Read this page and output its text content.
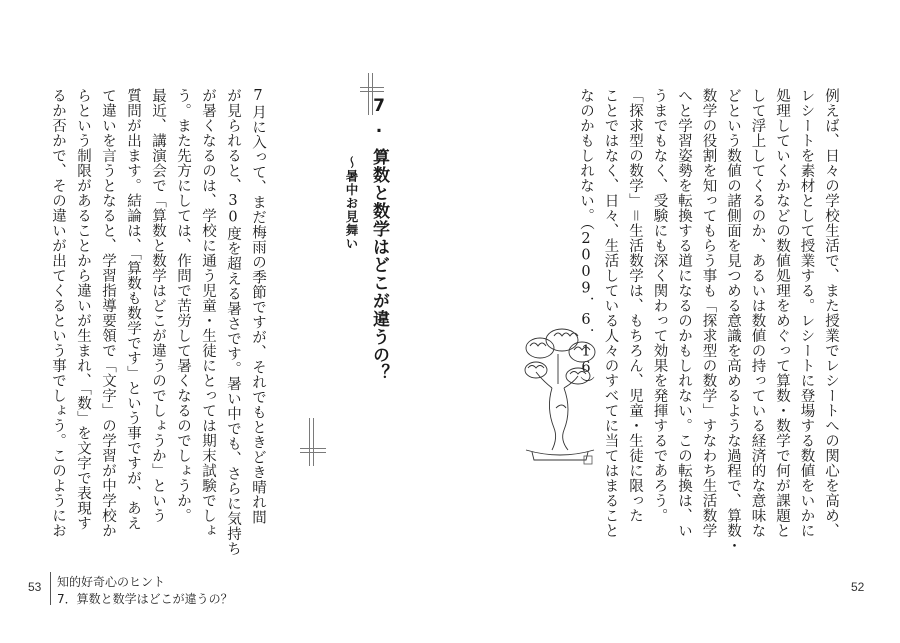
例えば、日々の学校生活で、また授業でレシートへの関心を高め、
レシートを素材として授業する。レシートに登場する数値をいかに
処理していくかなどの数値処理をめぐって算数・数学で何が課題と
して浮上してくるのか、あるいは数値の持っている経済的な意味な
どという数値の諸側面を見つめる意識を高めるような過程で、算数・
数学の役割を知ってもらう事も「探求型の数学」すなわち生活数学
へと学習姿勢を転換する道になるのかもしれない。この転換は、い
うまでもなく、受験にも深く関わって効果を発揮するであろう。
「探求型の数学」＝生活数学は、もちろん、児童・生徒に限った
ことではなく、日々、生活している人々のすべてに当てはまること
なのかもしれない。（2009．6．16）
7.算数と数学はどこが違うの？
～暑中お見舞い
7月に入って、まだ梅雨の季節ですが、それでもときどき晴れ間
が見られると、30度を超える暑さです。暑い中でも、さらに気持ち
が暑くなるのは、学校に通う児童・生徒にとっては期末試験でしょ
う。また先方にしては、作問で苦労して暑くなるのでしょうか。
最近、講演会で「算数と数学はどこが違うのでしょうか」という
質問が出ます。結論は、「算数も数学です」という事ですが、あえ
て違いを言うとなると、学習指導要領で「文字」の学習が中学校か
らという制限があることから違いが生まれ、「数」を文字で表現す
るか否かで、その違いが出てくるという事でしょう。このようにお
53 知的好奇心のヒント
7．算数と数学はどこが違うの？
52
